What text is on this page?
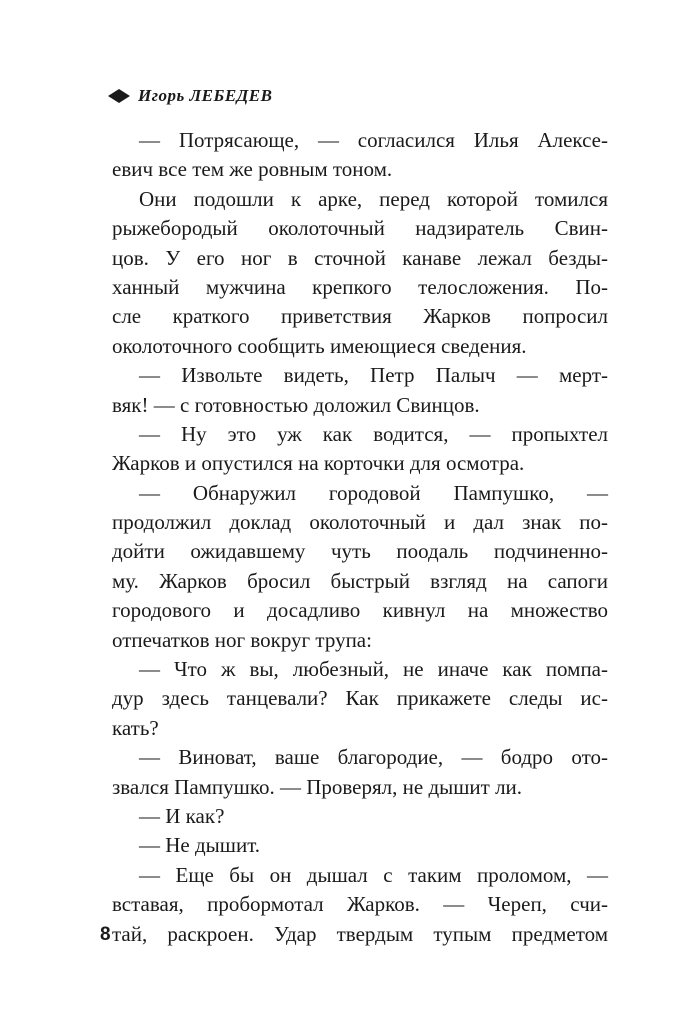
Игорь ЛЕБЕДЕВ
— Потрясающе, — согласился Илья Алексе-
евич все тем же ровным тоном.
Они подошли к арке, перед которой томился
рыжебородый околоточный надзиратель Свин-
цов. У его ног в сточной канаве лежал безды-
ханный мужчина крепкого телосложения. По-
сле краткого приветствия Жарков попросил
околоточного сообщить имеющиеся сведения.
— Извольте видеть, Петр Палыч — мерт-
вяк! — с готовностью доложил Свинцов.
— Ну это уж как водится, — пропыхтел
Жарков и опустился на корточки для осмотра.
— Обнаружил городовой Пампушко, —
продолжил доклад околоточный и дал знак по-
дойти ожидавшему чуть поодаль подчиненно-
му. Жарков бросил быстрый взгляд на сапоги
городового и досадливо кивнул на множество
отпечатков ног вокруг трупа:
— Что ж вы, любезный, не иначе как помпа-
дур здесь танцевали? Как прикажете следы ис-
кать?
— Виноват, ваше благородие, — бодро ото-
звался Пампушко. — Проверял, не дышит ли.
— И как?
— Не дышит.
— Еще бы он дышал с таким проломом, —
вставая, пробормотал Жарков. — Череп, счи-
тай, раскроен. Удар твердым тупым предметом
8
